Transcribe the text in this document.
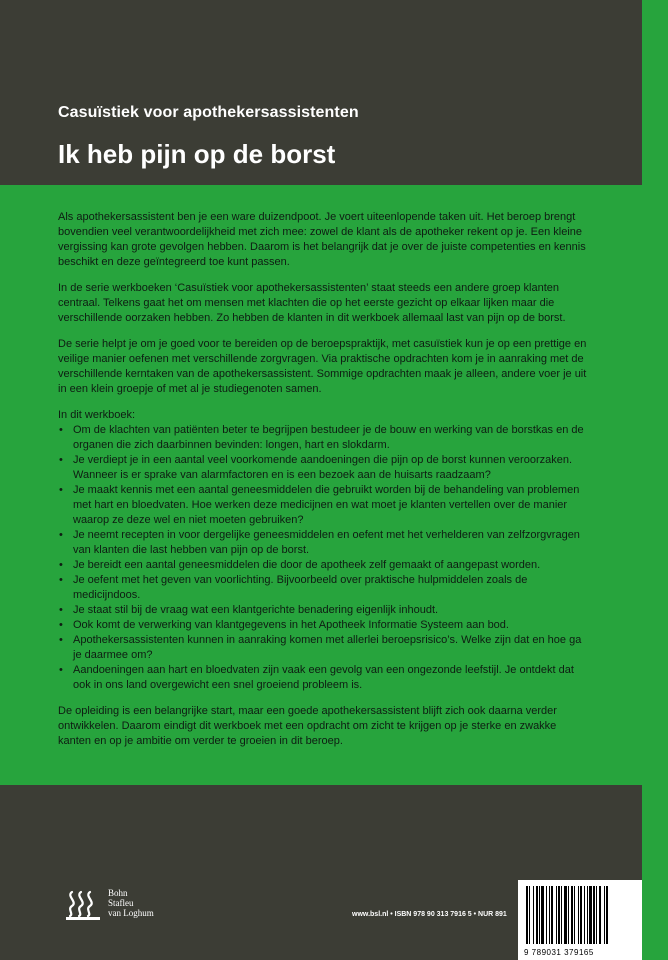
Casuïstiek voor apothekersassistenten
Ik heb pijn op de borst

Als apothekersassistent ben je een ware duizendpoot. Je voert uiteenlopende taken uit. Het beroep brengt bovendien veel verantwoordelijkheid met zich mee: zowel de klant als de apotheker rekent op je. Een kleine vergissing kan grote gevolgen hebben. Daarom is het belangrijk dat je over de juiste competenties en kennis beschikt en deze geïntegreerd toe kunt passen.

In de serie werkboeken ‘Casuïstiek voor apothekersassistenten’ staat steeds een andere groep klanten centraal. Telkens gaat het om mensen met klachten die op het eerste gezicht op elkaar lijken maar die verschillende oorzaken hebben. Zo hebben de klanten in dit werkboek allemaal last van pijn op de borst.

De serie helpt je om je goed voor te bereiden op de beroepspraktijk, met casuïstiek kun je op een prettige en veilige manier oefenen met verschillende zorgvragen. Via praktische opdrachten kom je in aanraking met de verschillende kerntaken van de apothekersassistent. Sommige opdrachten maak je alleen, andere voer je uit in een klein groepje of met al je studiegenoten samen.

In dit werkboek:

• Om de klachten van patiënten beter te begrijpen bestudeer je de bouw en werking van de borstkas en de organen die zich daarbinnen bevinden: longen, hart en slokdarm.
• Je verdiept je in een aantal veel voorkomende aandoeningen die pijn op de borst kunnen veroorzaken. Wanneer is er sprake van alarmfactoren en is een bezoek aan de huisarts raadzaam?
• Je maakt kennis met een aantal geneesmiddelen die gebruikt worden bij de behandeling van problemen met hart en bloedvaten. Hoe werken deze medicijnen en wat moet je klanten vertellen over de manier waarop ze deze wel en niet moeten gebruiken?
• Je neemt recepten in voor dergelijke geneesmiddelen en oefent met het verhelderen van zelfzorgvragen van klanten die last hebben van pijn op de borst.
• Je bereidt een aantal geneesmiddelen die door de apotheek zelf gemaakt of aangepast worden.
• Je oefent met het geven van voorlichting. Bijvoorbeeld over praktische hulpmiddelen zoals de medicijndoos.
• Je staat stil bij de vraag wat een klantgerichte benadering eigenlijk inhoudt.
• Ook komt de verwerking van klantgegevens in het Apotheek Informatie Systeem aan bod.
• Apothekersassistenten kunnen in aanraking komen met allerlei beroepsrisico’s. Welke zijn dat en hoe ga je daarmee om?
• Aandoeningen aan hart en bloedvaten zijn vaak een gevolg van een ongezonde leefstijl. Je ontdekt dat ook in ons land overgewicht een snel groeiend probleem is.

De opleiding is een belangrijke start, maar een goede apothekersassistent blijft zich ook daarna verder ontwikkelen. Daarom eindigt dit werkboek met een opdracht om zicht te krijgen op je sterke en zwakke kanten en op je ambitie om verder te groeien in dit beroep.

Bohn
Stafleu
van Loghum	www.bsl.nl • ISBN 978 90 313 7916 5 • NUR 891
9 789031 379165
